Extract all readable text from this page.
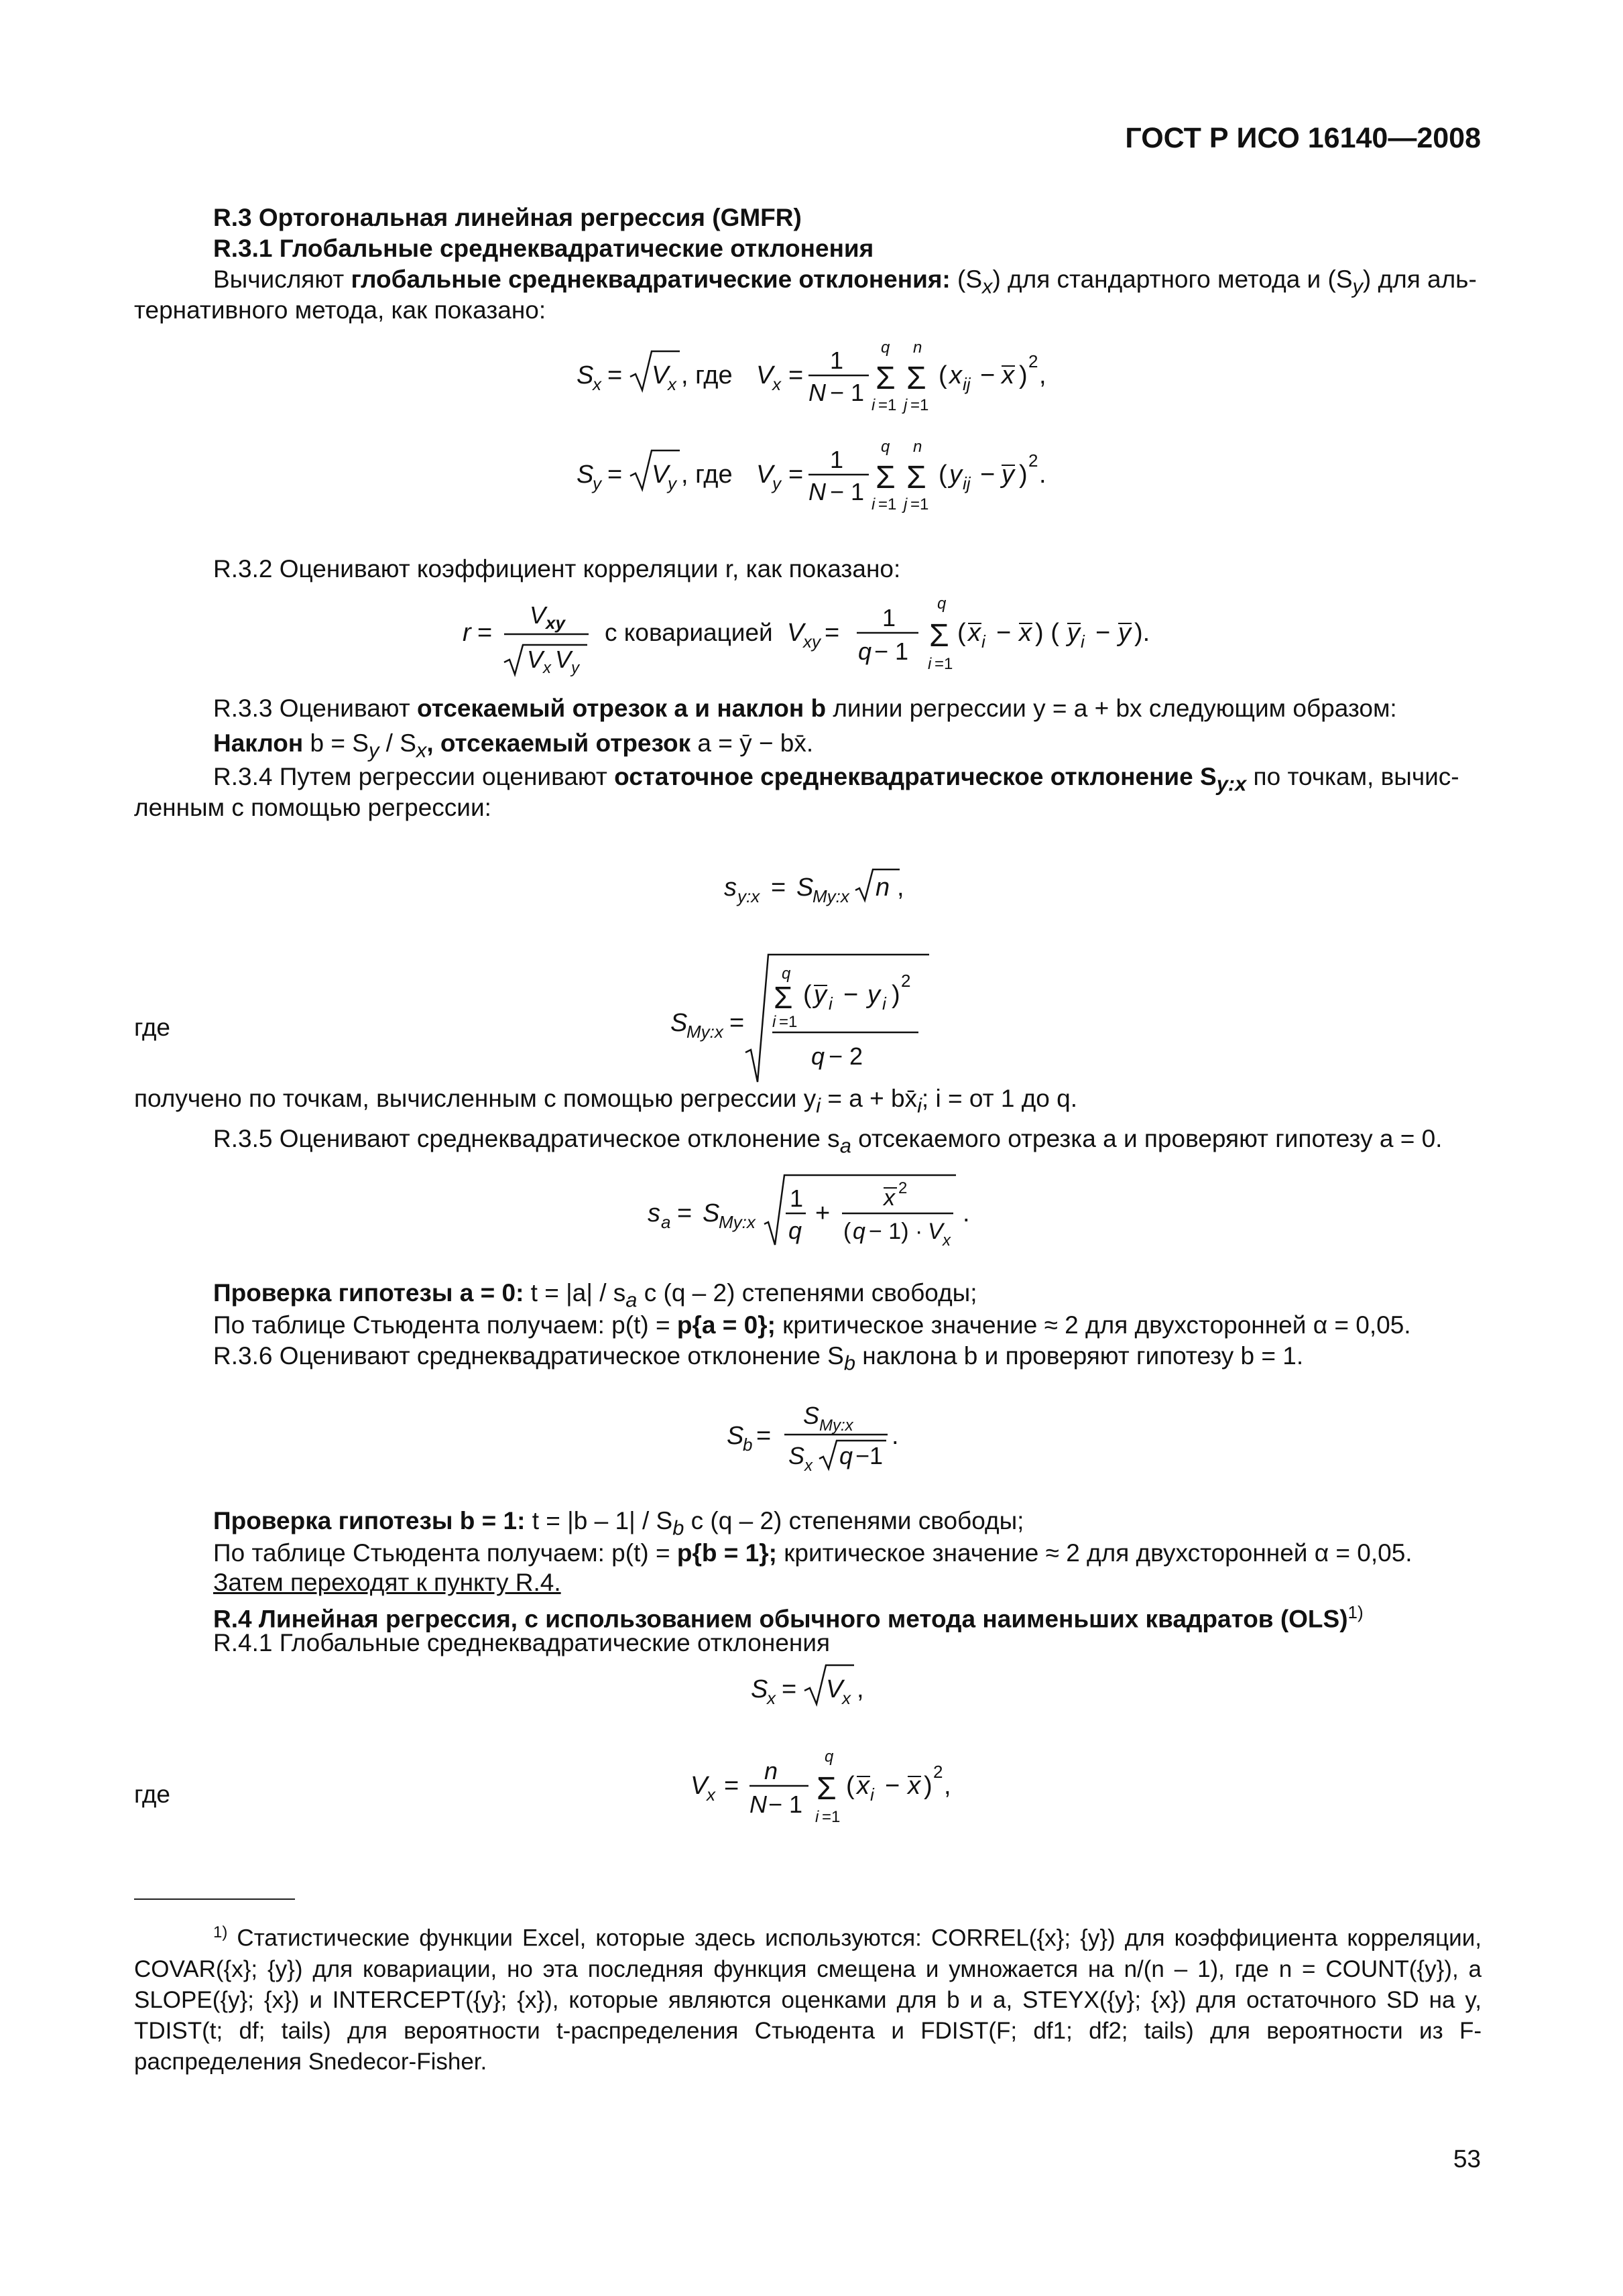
ГОСТ Р ИСО 16140—2008
R.3 Ортогональная линейная регрессия (GMFR)
R.3.1 Глобальные среднеквадратические отклонения
Вычисляют глобальные среднеквадратические отклонения: $(S_x)$ для стандартного метода и $(S_y)$ для аль-
тернативного метода, как показано:
S
x = V
x , где V
x =
1
N − 1
q
Σ
i =1
n
Σ
j =1
( x ij − x ) 2 ,
S
y = V
y , где V
y =
1
N − 1
q
Σ
i =1
n
Σ
j =1
( y ij − y ) 2 .
R.3.2 Оценивают коэффициент корреляции r, как показано:
r =
V xy
V x V y
с ковариацией V
xy =
1
q − 1
q
Σ
i =1
( x i − x ) ( y i − y ).
R.3.3 Оценивают отсекаемый отрезок a и наклон b линии регрессии y = a + bx следующим образом:
Наклон $b = S_y / S_x$, отсекаемый отрезок a = ȳ − bx̄.
R.3.4 Путем регрессии оценивают остаточное среднеквадратическое отклонение $S_{y:x}$ по точкам, вычис-
ленным с помощью регрессии:
s y:x = S
My:x n ,
где	S
My:x =
q
Σ
i =1
( y i − y i ) 2
q − 2
получено по точкам, вычисленным с помощью регрессии $y_i = a$ + $bx̄_i$; i = от 1 до q.
R.3.5 Оценивают среднеквадратическое отклонение $s_a$ отсекаемого отрезка a и проверяют гипотезу a = 0.
s a = S
My:x
1
q
+
x 2
( q − 1) · V x
.
Проверка гипотезы a = 0: $t = |a| / s_a$ с (q – 2) степенями свободы;
По таблице Стьюдента получаем: p(t) = p{a = 0}; критическое значение ≈ 2 для двухсторонней α = 0,05.
R.3.6 Оценивают среднеквадратическое отклонение $S_b$ наклона b и проверяют гипотезу b = 1.
S
b =
S My:x
S x q −1
.
Проверка гипотезы b = 1: $t = |b - 1| / S_b$ с (q – 2) степенями свободы;
По таблице Стьюдента получаем: p(t) = p{b = 1}; критическое значение ≈ 2 для двухсторонней α = 0,05.
Затем переходят к пункту R.4.
R.4 Линейная регрессия, с использованием обычного метода наименьших квадратов (OLS)$^{1)}$
R.4.1 Глобальные среднеквадратические отклонения
S
x = V
x ,
где	V
x =
n
N − 1
q
Σ
i =1
( x i − x ) 2 ,
$^{1)}$ Статистические функции Excel, которые здесь используются: CORREL({x}; {y}) для коэффициента корреляции, COVAR({x}; {y}) для ковариации, но эта последняя функция смещена и умножается на n/(n – 1), где n = COUNT({y}), а SLOPE({y}; {x}) и INTERCEPT({y}; {x}), которые являются оценками для b и a, STEYX({y}; {x}) для остаточного SD на y, TDIST(t; df; tails) для вероятности t-распределения Стьюдента и FDIST(F; df1; df2; tails) для вероятности из F-распределения Snedecor-Fisher.
53
